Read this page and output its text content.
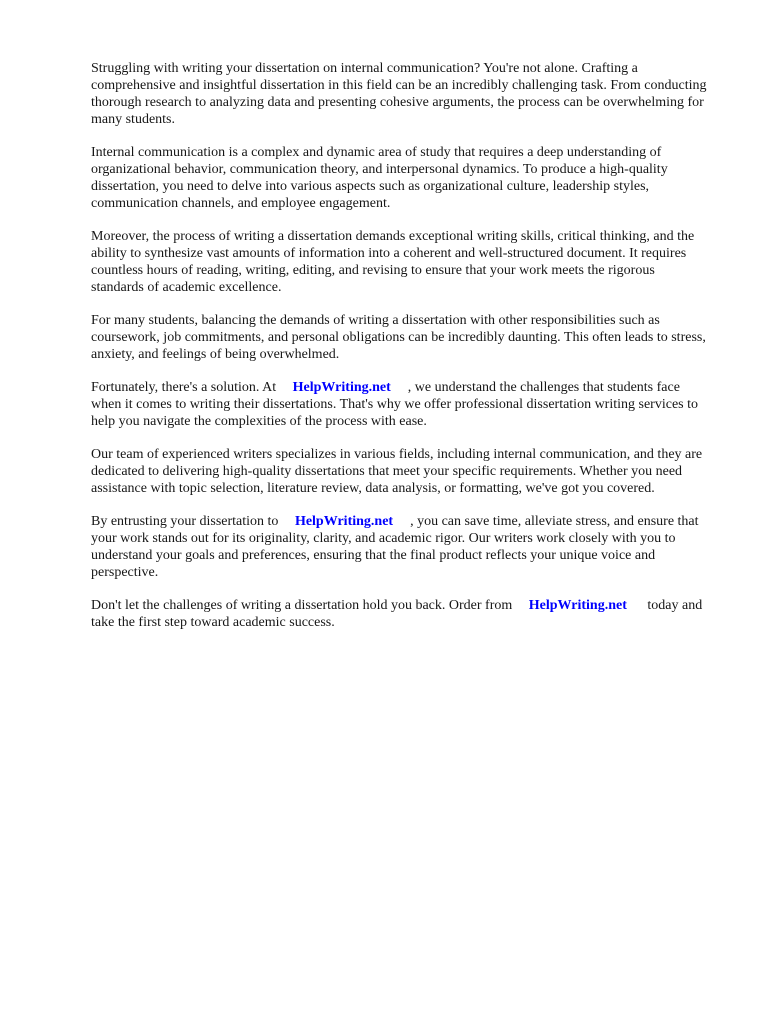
Struggling with writing your dissertation on internal communication? You're not alone. Crafting a comprehensive and insightful dissertation in this field can be an incredibly challenging task. From conducting thorough research to analyzing data and presenting cohesive arguments, the process can be overwhelming for many students.

Internal communication is a complex and dynamic area of study that requires a deep understanding of organizational behavior, communication theory, and interpersonal dynamics. To produce a high-quality dissertation, you need to delve into various aspects such as organizational culture, leadership styles, communication channels, and employee engagement.

Moreover, the process of writing a dissertation demands exceptional writing skills, critical thinking, and the ability to synthesize vast amounts of information into a coherent and well-structured document. It requires countless hours of reading, writing, editing, and revising to ensure that your work meets the rigorous standards of academic excellence.

For many students, balancing the demands of writing a dissertation with other responsibilities such as coursework, job commitments, and personal obligations can be incredibly daunting. This often leads to stress, anxiety, and feelings of being overwhelmed.

Fortunately, there's a solution. At HelpWriting.net , we understand the challenges that students face when it comes to writing their dissertations. That's why we offer professional dissertation writing services to help you navigate the complexities of the process with ease.

Our team of experienced writers specializes in various fields, including internal communication, and they are dedicated to delivering high-quality dissertations that meet your specific requirements. Whether you need assistance with topic selection, literature review, data analysis, or formatting, we've got you covered.

By entrusting your dissertation to HelpWriting.net , you can save time, alleviate stress, and ensure that your work stands out for its originality, clarity, and academic rigor. Our writers work closely with you to understand your goals and preferences, ensuring that the final product reflects your unique voice and perspective.

Don't let the challenges of writing a dissertation hold you back. Order from HelpWriting.net today and take the first step toward academic success.
